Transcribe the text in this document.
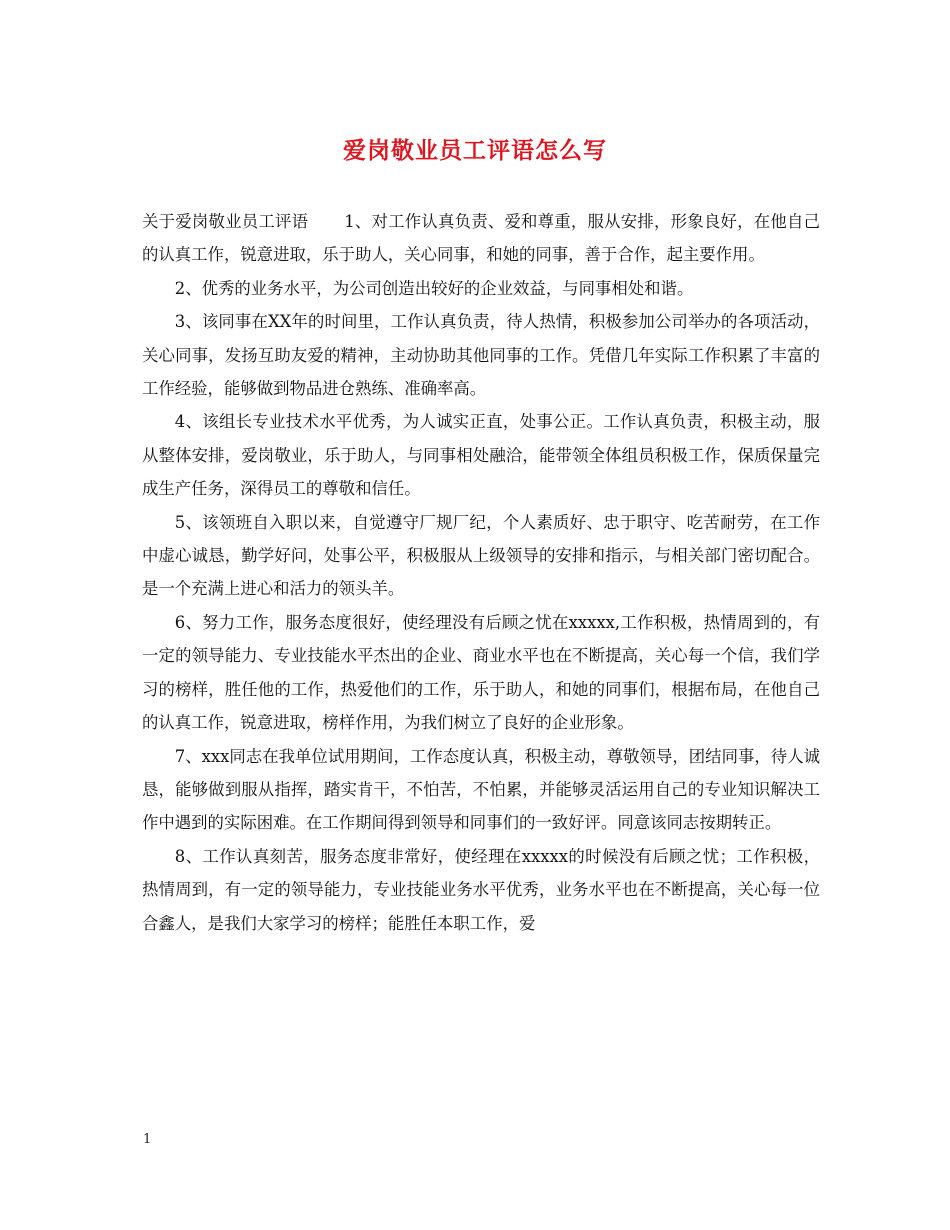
爱岗敬业员工评语怎么写

关于爱岗敬业员工评语 1、对工作认真负责、爱和尊重，服从安排，形象良好，在他自己的认真工作，锐意进取，乐于助人，关心同事，和她的同事，善于合作，起主要作用。

2、优秀的业务水平，为公司创造出较好的企业效益，与同事相处和谐。

3、该同事在XX年的时间里，工作认真负责，待人热情，积极参加公司举办的各项活动，关心同事，发扬互助友爱的精神，主动协助其他同事的工作。凭借几年实际工作积累了丰富的工作经验，能够做到物品进仓熟练、准确率高。

4、该组长专业技术水平优秀，为人诚实正直，处事公正。工作认真负责，积极主动，服从整体安排，爱岗敬业，乐于助人，与同事相处融洽，能带领全体组员积极工作，保质保量完成生产任务，深得员工的尊敬和信任。

5、该领班自入职以来，自觉遵守厂规厂纪，个人素质好、忠于职守、吃苦耐劳，在工作中虚心诚恳，勤学好问，处事公平，积极服从上级领导的安排和指示，与相关部门密切配合。是一个充满上进心和活力的领头羊。

6、努力工作，服务态度很好，使经理没有后顾之忧在xxxxx,工作积极，热情周到的，有一定的领导能力、专业技能水平杰出的企业、商业水平也在不断提高，关心每一个信，我们学习的榜样，胜任他的工作，热爱他们的工作，乐于助人，和她的同事们，根据布局，在他自己的认真工作，锐意进取，榜样作用，为我们树立了良好的企业形象。

7、xxx同志在我单位试用期间，工作态度认真，积极主动，尊敬领导，团结同事，待人诚恳，能够做到服从指挥，踏实肯干，不怕苦，不怕累，并能够灵活运用自己的专业知识解决工作中遇到的实际困难。在工作期间得到领导和同事们的一致好评。同意该同志按期转正。

8、工作认真刻苦，服务态度非常好，使经理在xxxxx的时候没有后顾之忧；工作积极，热情周到，有一定的领导能力，专业技能业务水平优秀，业务水平也在不断提高，关心每一位合鑫人，是我们大家学习的榜样；能胜任本职工作，爱

1
